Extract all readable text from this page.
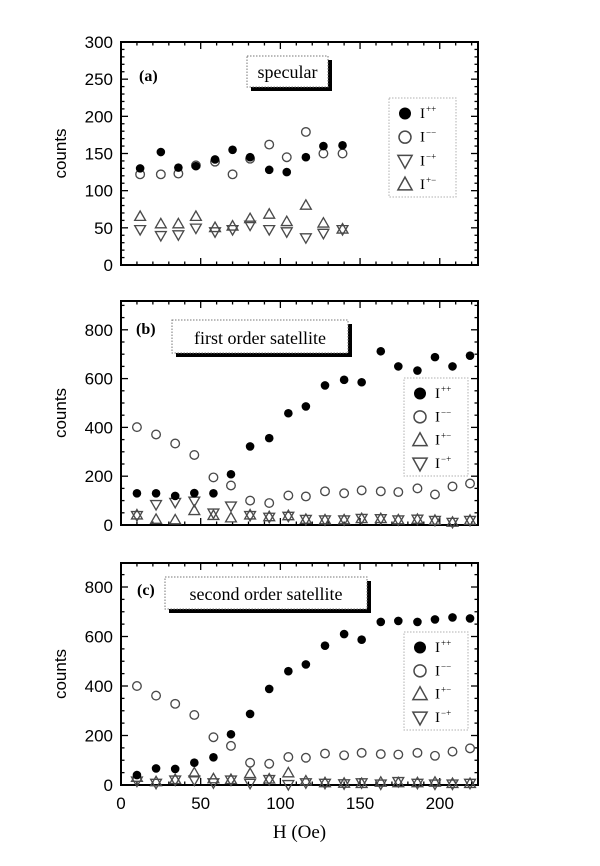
0
50
100
150
200
250
300
specular
(a)
I++
I−−
I−+
I+−
counts
0
200
400
600
800	first order satellite
(b)
I++
I−−
I+−
I−+
counts
0
200
400
600
800	second order satellite
(c)
I++
I−−
I+−
I−+
0	50	100	150	200
H (Oe)
counts
